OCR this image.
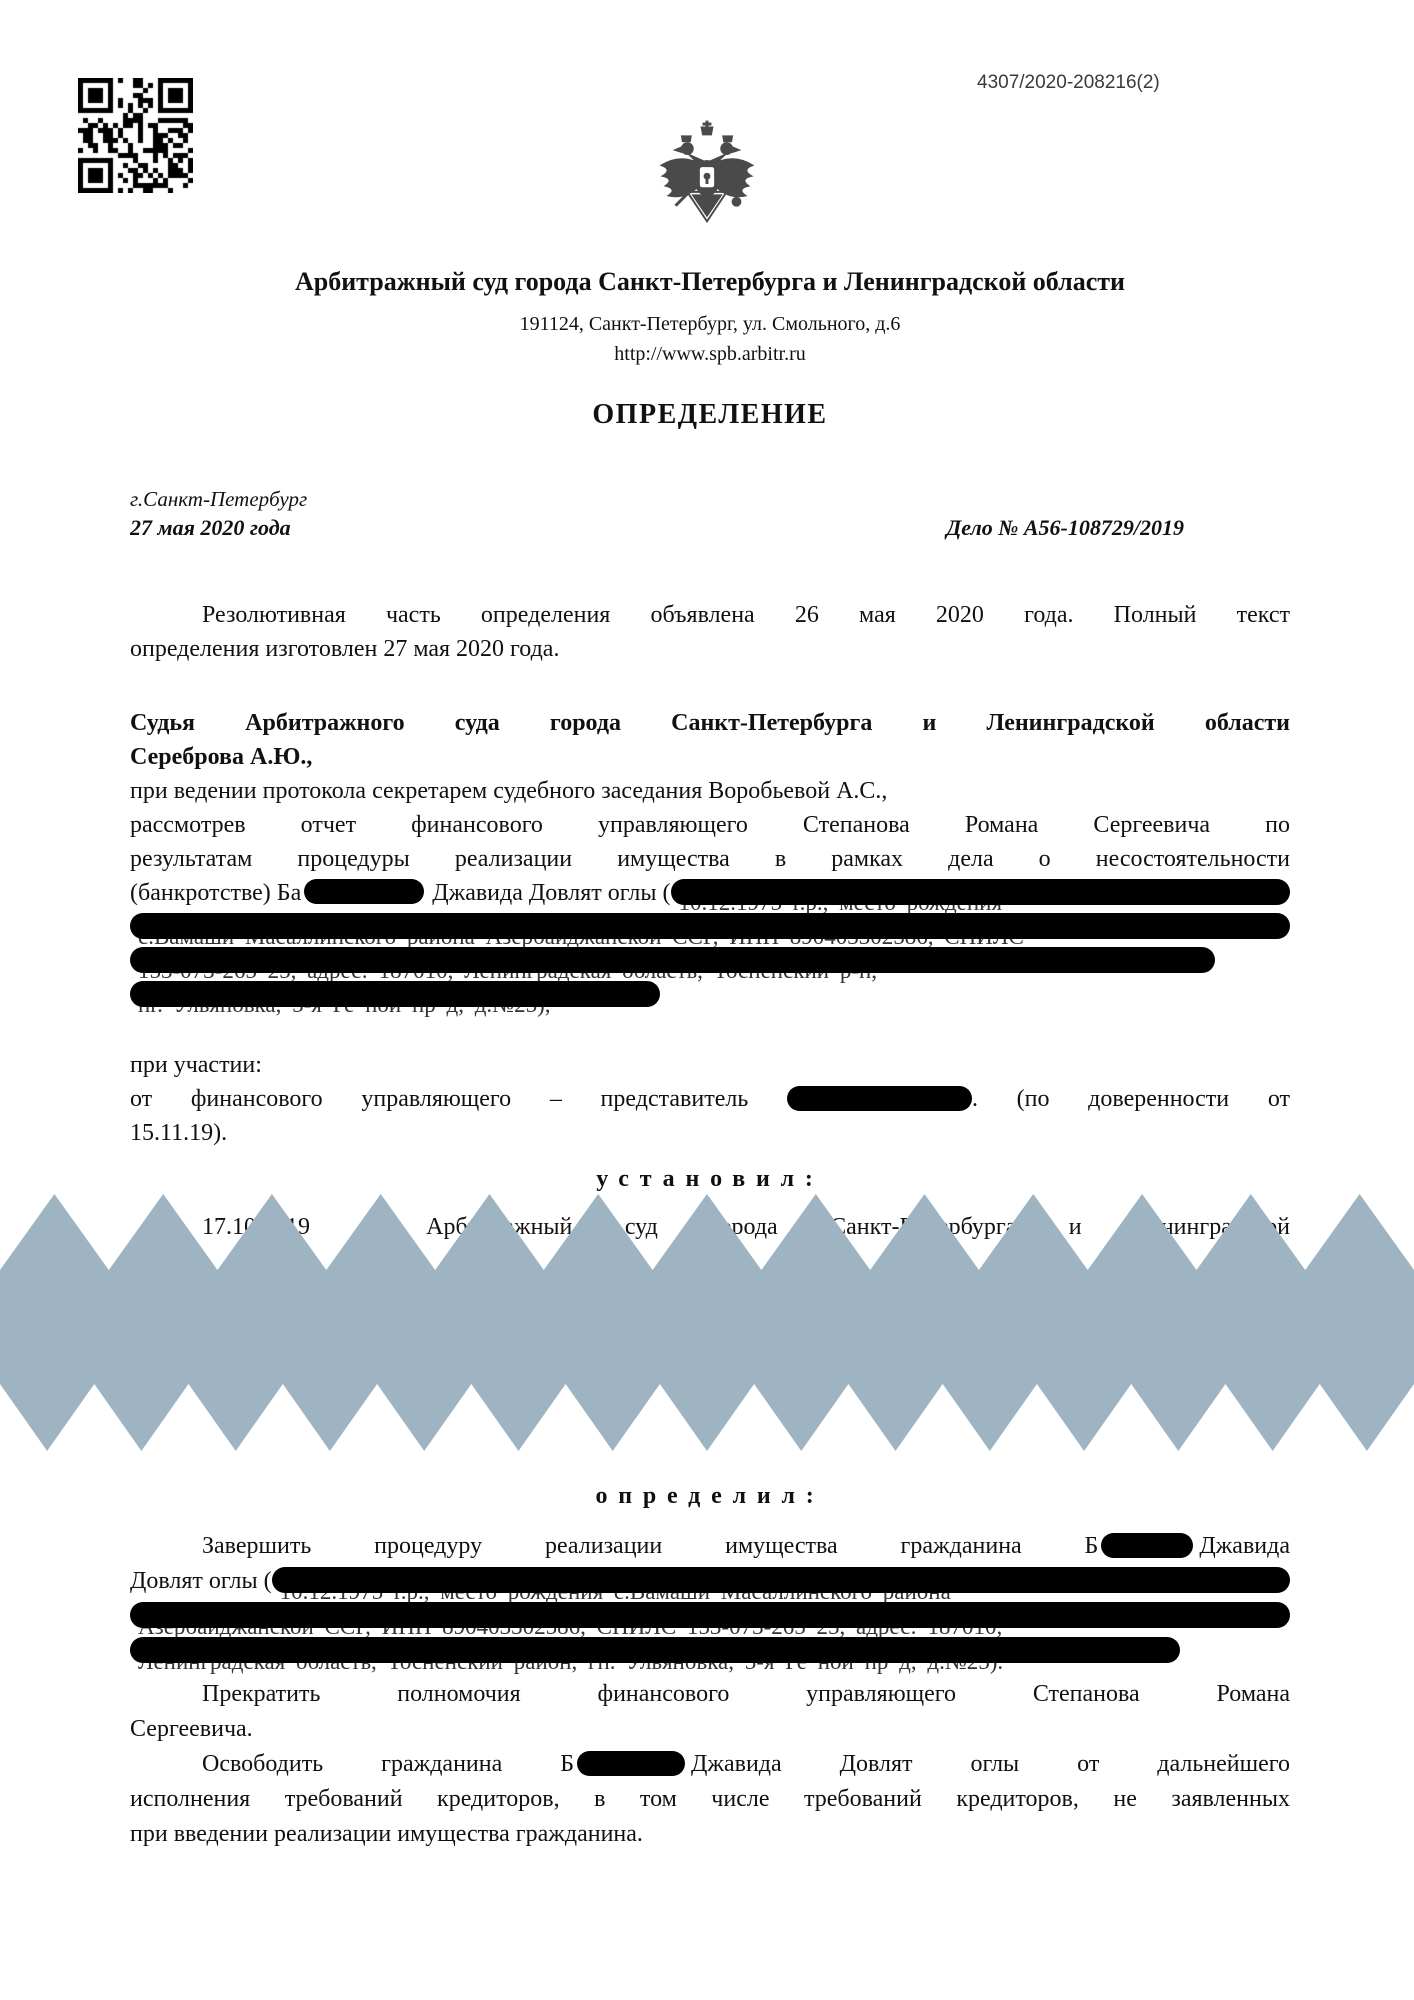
4307/2020-208216(2)
Арбитражный суд города Санкт-Петербурга и Ленинградской области
191124, Санкт-Петербург, ул. Смольного, д.6
http://www.spb.arbitr.ru
ОПРЕДЕЛЕНИЕ
г.Санкт-Петербург
27 мая 2020 года	Дело № А56-108729/2019
Резолютивная часть определения объявлена 26 мая 2020 года. Полный текст
определения изготовлен 27 мая 2020 года.
Судья Арбитражного суда города Санкт-Петербурга и Ленинградской области
Сереброва А.Ю.,
при ведении протокола секретарем судебного заседания Воробьевой А.С.,
рассмотрев отчет финансового управляющего Степанова Романа Сергеевича по
результатам процедуры реализации имущества в рамках дела о несостоятельности
(банкротстве) Ба	Джавида Довлят оглы (
при участии:
от финансового управляющего – представитель	. (по доверенности от
15.11.19).
установил:
17.10.2019 в Арбитражный суд города Санкт-Петербурга и Ленинградской
определил:
Завершить процедуру реализации имущества гражданина Б	Джавида
Довлят оглы (
Прекратить полномочия финансового управляющего Степанова Романа
Сергеевича.
Освободить гражданина Б	Джавида Довлят оглы от дальнейшего
исполнения требований кредиторов, в том числе требований кредиторов, не заявленных
при введении реализации имущества гражданина.
